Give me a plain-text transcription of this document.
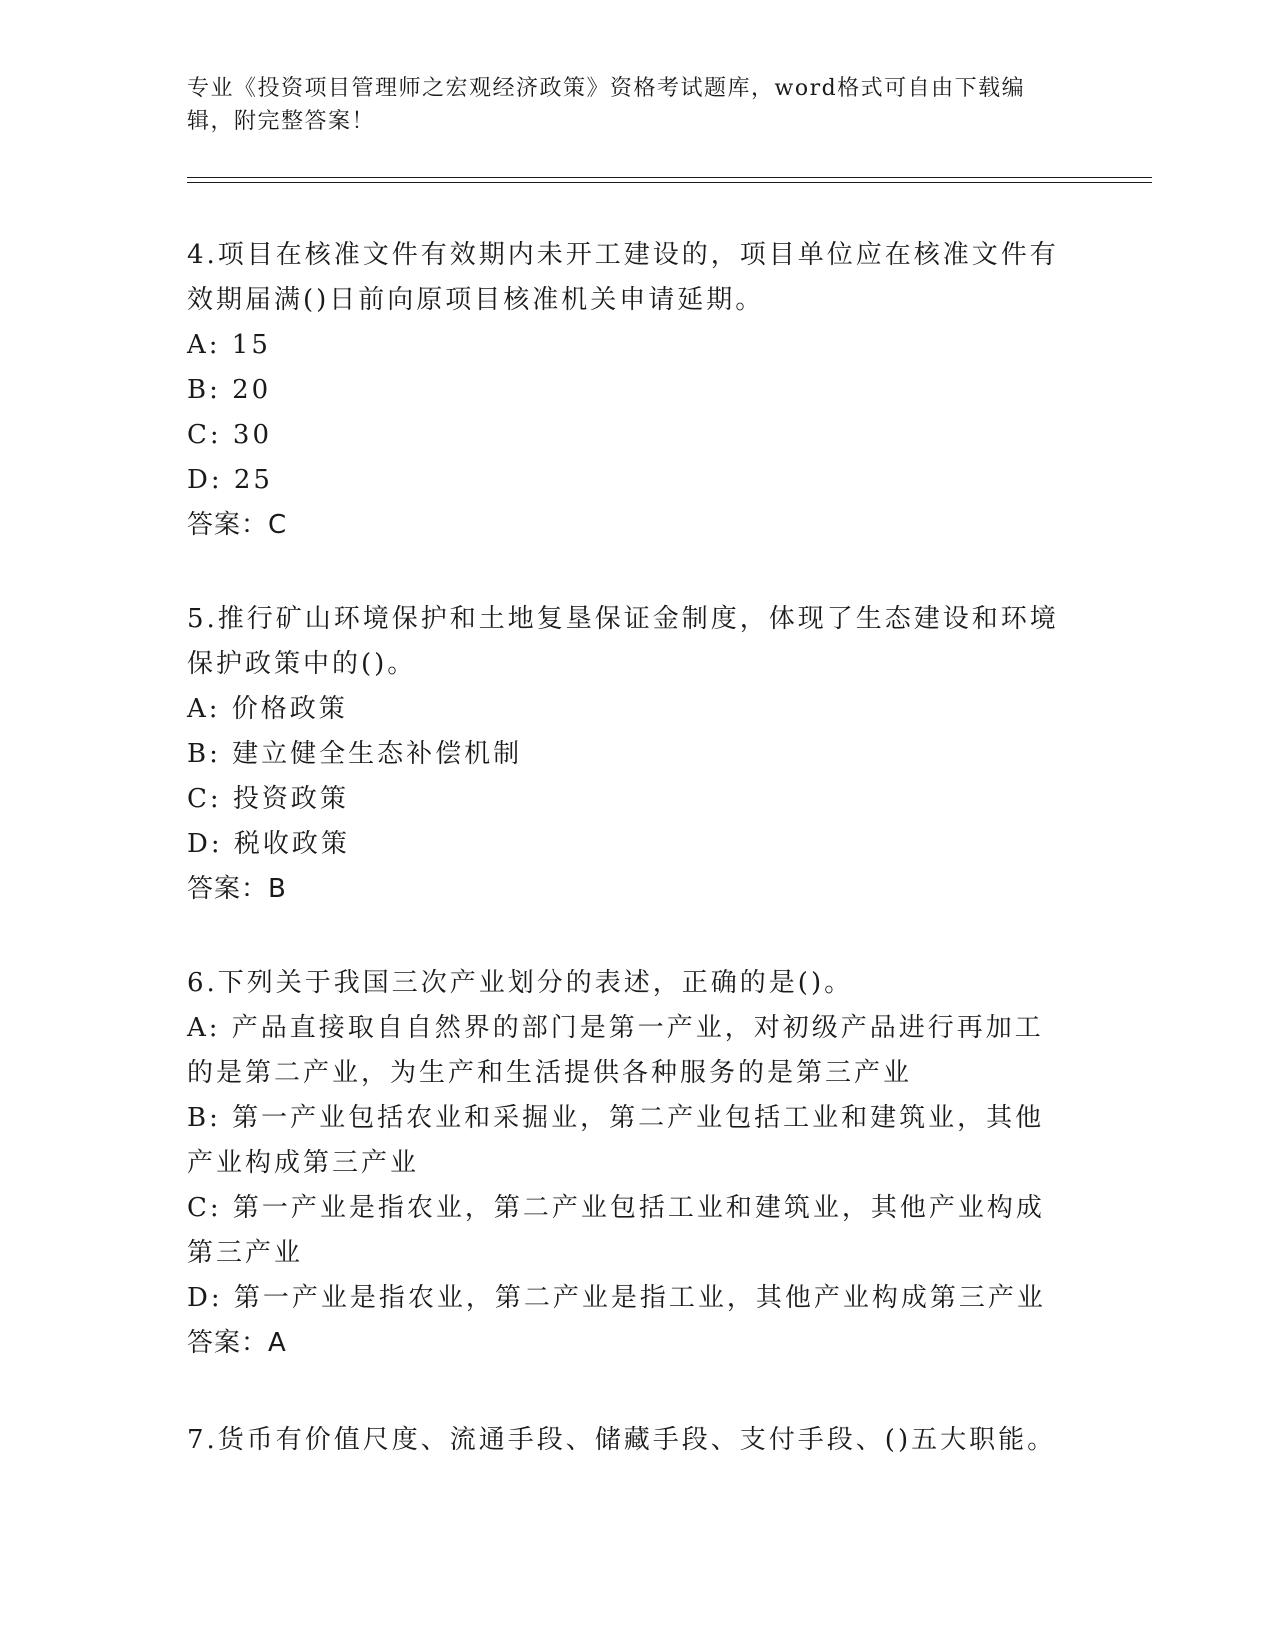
专业《投资项目管理师之宏观经济政策》资格考试题库，word格式可自由下载编辑，附完整答案！
4.项目在核准文件有效期内未开工建设的，项目单位应在核准文件有效期届满()日前向原项目核准机关申请延期。
A: 15
B: 20
C: 30
D: 25
答案：C
5.推行矿山环境保护和土地复垦保证金制度，体现了生态建设和环境保护政策中的()。
A: 价格政策
B: 建立健全生态补偿机制
C: 投资政策
D: 税收政策
答案：B
6.下列关于我国三次产业划分的表述，正确的是()。
A: 产品直接取自自然界的部门是第一产业，对初级产品进行再加工的是第二产业，为生产和生活提供各种服务的是第三产业
B: 第一产业包括农业和采掘业，第二产业包括工业和建筑业，其他产业构成第三产业
C: 第一产业是指农业，第二产业包括工业和建筑业，其他产业构成第三产业
D: 第一产业是指农业，第二产业是指工业，其他产业构成第三产业
答案：A
7.货币有价值尺度、流通手段、储藏手段、支付手段、()五大职能。
